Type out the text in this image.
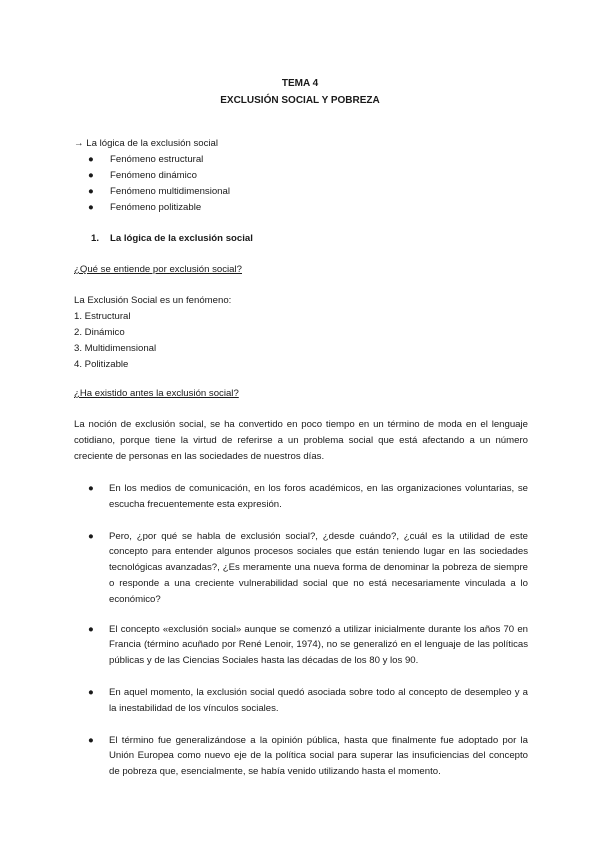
TEMA 4
EXCLUSIÓN SOCIAL Y POBREZA
→ La lógica de la exclusión social
● Fenómeno estructural
● Fenómeno dinámico
● Fenómeno multidimensional
● Fenómeno politizable
1. La lógica de la exclusión social
¿Qué se entiende por exclusión social?
La Exclusión Social es un fenómeno:
1. Estructural
2. Dinámico
3. Multidimensional
4. Politizable
¿Ha existido antes la exclusión social?
La noción de exclusión social, se ha convertido en poco tiempo en un término de moda en el lenguaje cotidiano, porque tiene la virtud de referirse a un problema social que está afectando a un número creciente de personas en las sociedades de nuestros días.
● En los medios de comunicación, en los foros académicos, en las organizaciones voluntarias, se escucha frecuentemente esta expresión.
● Pero, ¿por qué se habla de exclusión social?, ¿desde cuándo?, ¿cuál es la utilidad de este concepto para entender algunos procesos sociales que están teniendo lugar en las sociedades tecnológicas avanzadas?, ¿Es meramente una nueva forma de denominar la pobreza de siempre o responde a una creciente vulnerabilidad social que no está necesariamente vinculada a lo económico?
● El concepto «exclusión social» aunque se comenzó a utilizar inicialmente durante los años 70 en Francia (término acuñado por René Lenoir, 1974), no se generalizó en el lenguaje de las políticas públicas y de las Ciencias Sociales hasta las décadas de los 80 y los 90.
● En aquel momento, la exclusión social quedó asociada sobre todo al concepto de desempleo y a la inestabilidad de los vínculos sociales.
● El término fue generalizándose a la opinión pública, hasta que finalmente fue adoptado por la Unión Europea como nuevo eje de la política social para superar las insuficiencias del concepto de pobreza que, esencialmente, se había venido utilizando hasta el momento.
